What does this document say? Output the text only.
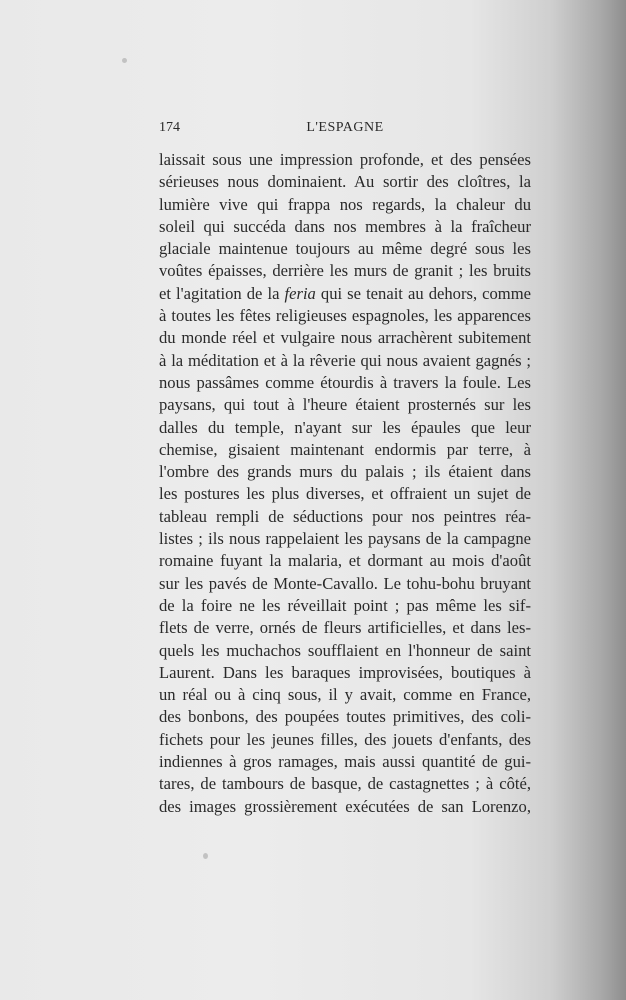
174	L'ESPAGNE
laissait sous une impression profonde, et des pensées
sérieuses nous dominaient. Au sortir des cloîtres, la
lumière vive qui frappa nos regards, la chaleur du
soleil qui succéda dans nos membres à la fraîcheur
glaciale maintenue toujours au même degré sous les
voûtes épaisses, derrière les murs de granit ; les bruits
et l'agitation de la feria qui se tenait au dehors, comme
à toutes les fêtes religieuses espagnoles, les apparences
du monde réel et vulgaire nous arrachèrent subitement
à la méditation et à la rêverie qui nous avaient gagnés ;
nous passâmes comme étourdis à travers la foule. Les
paysans, qui tout à l'heure étaient prosternés sur les
dalles du temple, n'ayant sur les épaules que leur
chemise, gisaient maintenant endormis par terre, à
l'ombre des grands murs du palais ; ils étaient dans
les postures les plus diverses, et offraient un sujet de
tableau rempli de séductions pour nos peintres réa-
listes ; ils nous rappelaient les paysans de la campagne
romaine fuyant la malaria, et dormant au mois d'août
sur les pavés de Monte-Cavallo. Le tohu-bohu bruyant
de la foire ne les réveillait point ; pas même les sif-
flets de verre, ornés de fleurs artificielles, et dans les-
quels les muchachos soufflaient en l'honneur de saint
Laurent. Dans les baraques improvisées, boutiques à
un réal ou à cinq sous, il y avait, comme en France,
des bonbons, des poupées toutes primitives, des coli-
fichets pour les jeunes filles, des jouets d'enfants, des
indiennes à gros ramages, mais aussi quantité de gui-
tares, de tambours de basque, de castagnettes ; à côté,
des images grossièrement exécutées de san Lorenzo,
